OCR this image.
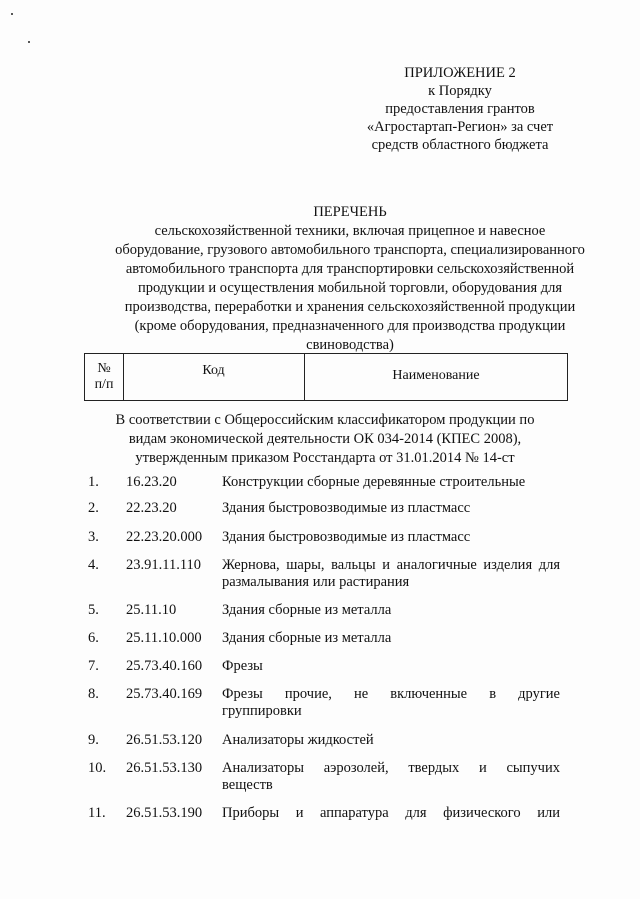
ПРИЛОЖЕНИЕ 2
к Порядку
предоставления грантов
«Агростартап-Регион» за счет
средств областного бюджета
ПЕРЕЧЕНЬ
сельскохозяйственной техники, включая прицепное и навесное
оборудование, грузового автомобильного транспорта, специализированного
автомобильного транспорта для транспортировки сельскохозяйственной
продукции и осуществления мобильной торговли, оборудования для
производства, переработки и хранения сельскохозяйственной продукции
(кроме оборудования, предназначенного для производства продукции
свиноводства)
№
п/п
Код	Наименование
В соответствии с Общероссийским классификатором продукции по
видам экономической деятельности ОК 034-2014 (КПЕС 2008),
утвержденным приказом Росстандарта от 31.01.2014 № 14-ст
1. 16.23.20	Конструкции сборные деревянные строительные
2. 22.23.20	Здания быстровозводимые из пластмасс
3. 22.23.20.000 Здания быстровозводимые из пластмасс
4. 23.91.11.110 Жернова, шары, вальцы и аналогичные изделия для
размалывания или растирания
5. 25.11.10	Здания сборные из металла
6. 25.11.10.000 Здания сборные из металла
7. 25.73.40.160 Фрезы
8. 25.73.40.169 Фрезы прочие, не включенные в другие
группировки
9. 26.51.53.120 Анализаторы жидкостей
10. 26.51.53.130 Анализаторы аэрозолей, твердых и сыпучих
веществ
11. 26.51.53.190 Приборы и аппаратура для физического или
